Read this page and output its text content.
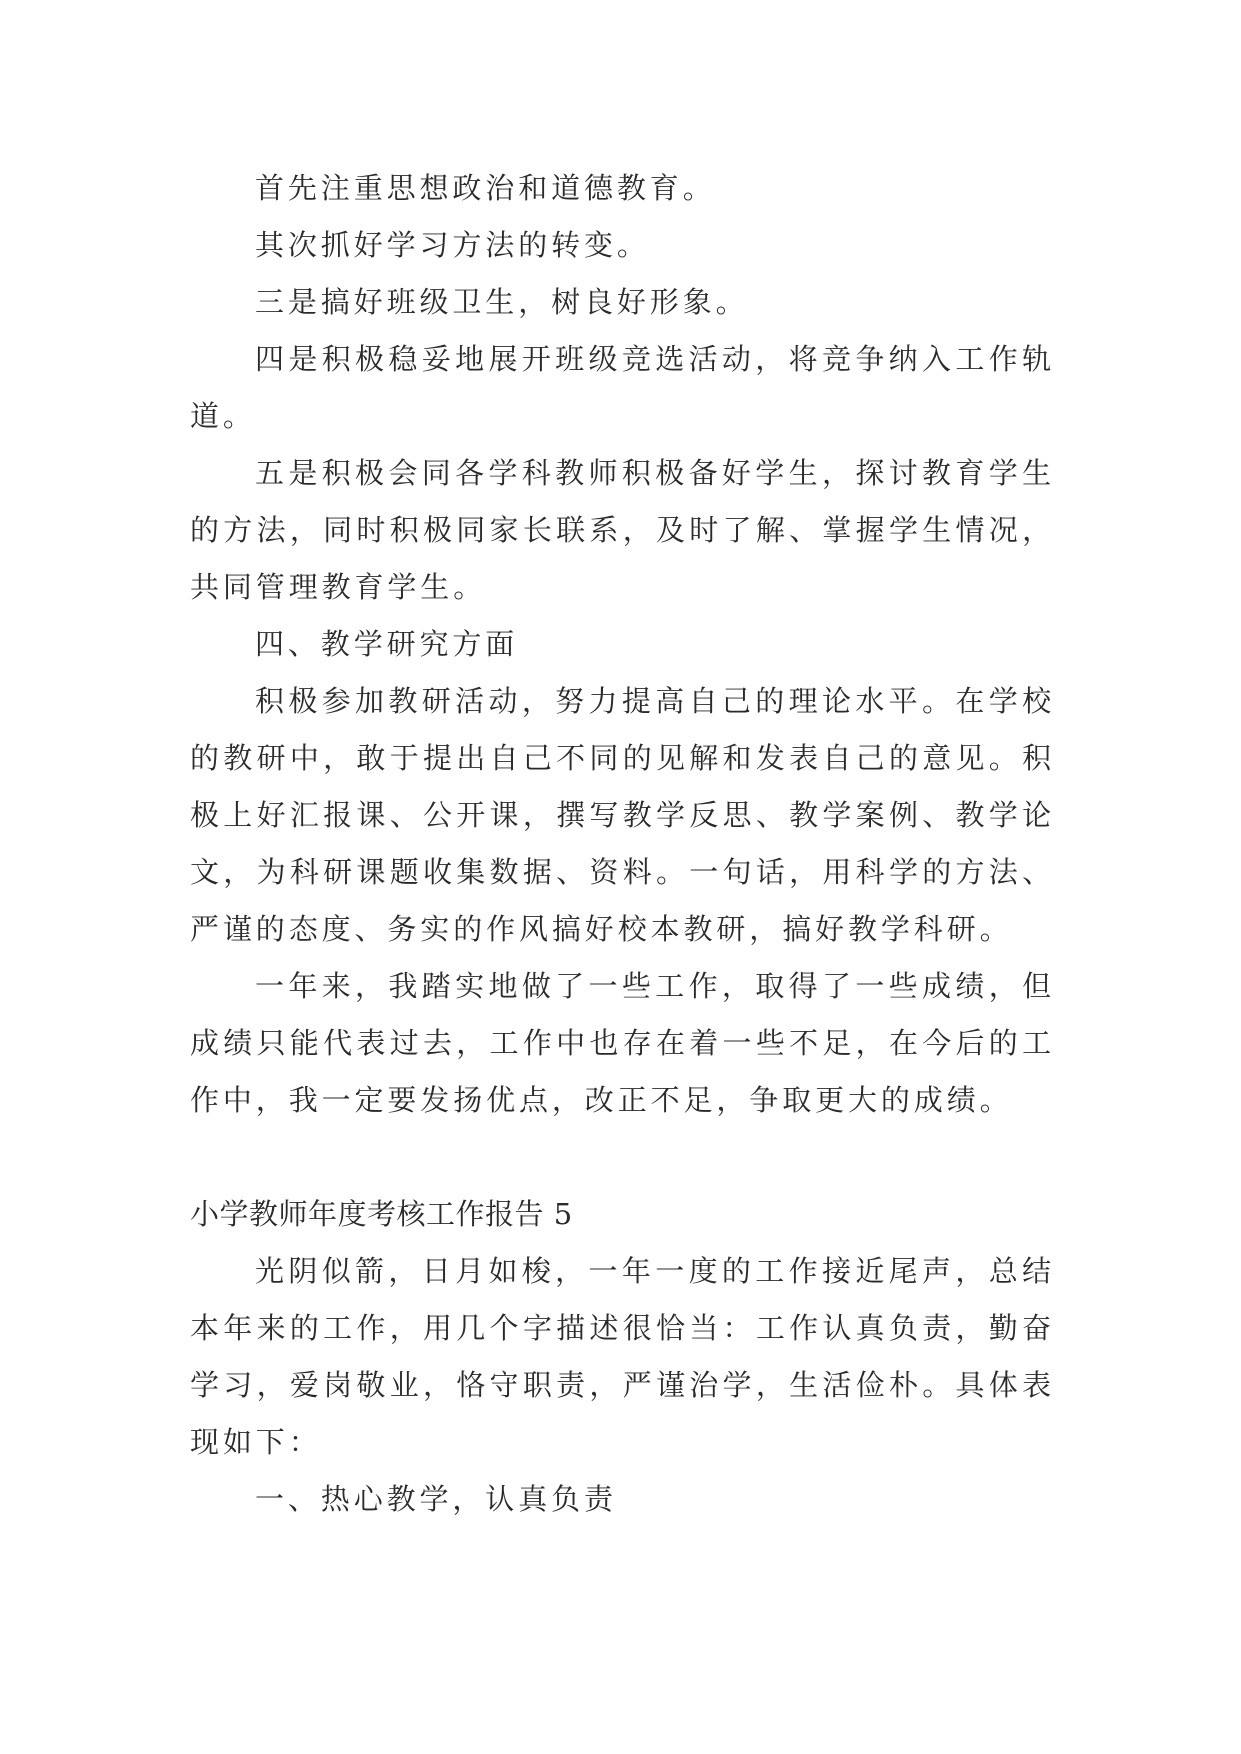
首先注重思想政治和道德教育。

其次抓好学习方法的转变。

三是搞好班级卫生，树良好形象。

四是积极稳妥地展开班级竞选活动，将竞争纳入工作轨道。

五是积极会同各学科教师积极备好学生，探讨教育学生的方法，同时积极同家长联系，及时了解、掌握学生情况，共同管理教育学生。

四、教学研究方面

积极参加教研活动，努力提高自己的理论水平。在学校的教研中，敢于提出自己不同的见解和发表自己的意见。积极上好汇报课、公开课，撰写教学反思、教学案例、教学论文，为科研课题收集数据、资料。一句话，用科学的方法、严谨的态度、务实的作风搞好校本教研，搞好教学科研。

一年来，我踏实地做了一些工作，取得了一些成绩，但成绩只能代表过去，工作中也存在着一些不足，在今后的工作中，我一定要发扬优点，改正不足，争取更大的成绩。

小学教师年度考核工作报告 5

光阴似箭，日月如梭，一年一度的工作接近尾声，总结本年来的工作，用几个字描述很恰当：工作认真负责，勤奋学习，爱岗敬业，恪守职责，严谨治学，生活俭朴。具体表现如下：

一、热心教学，认真负责
